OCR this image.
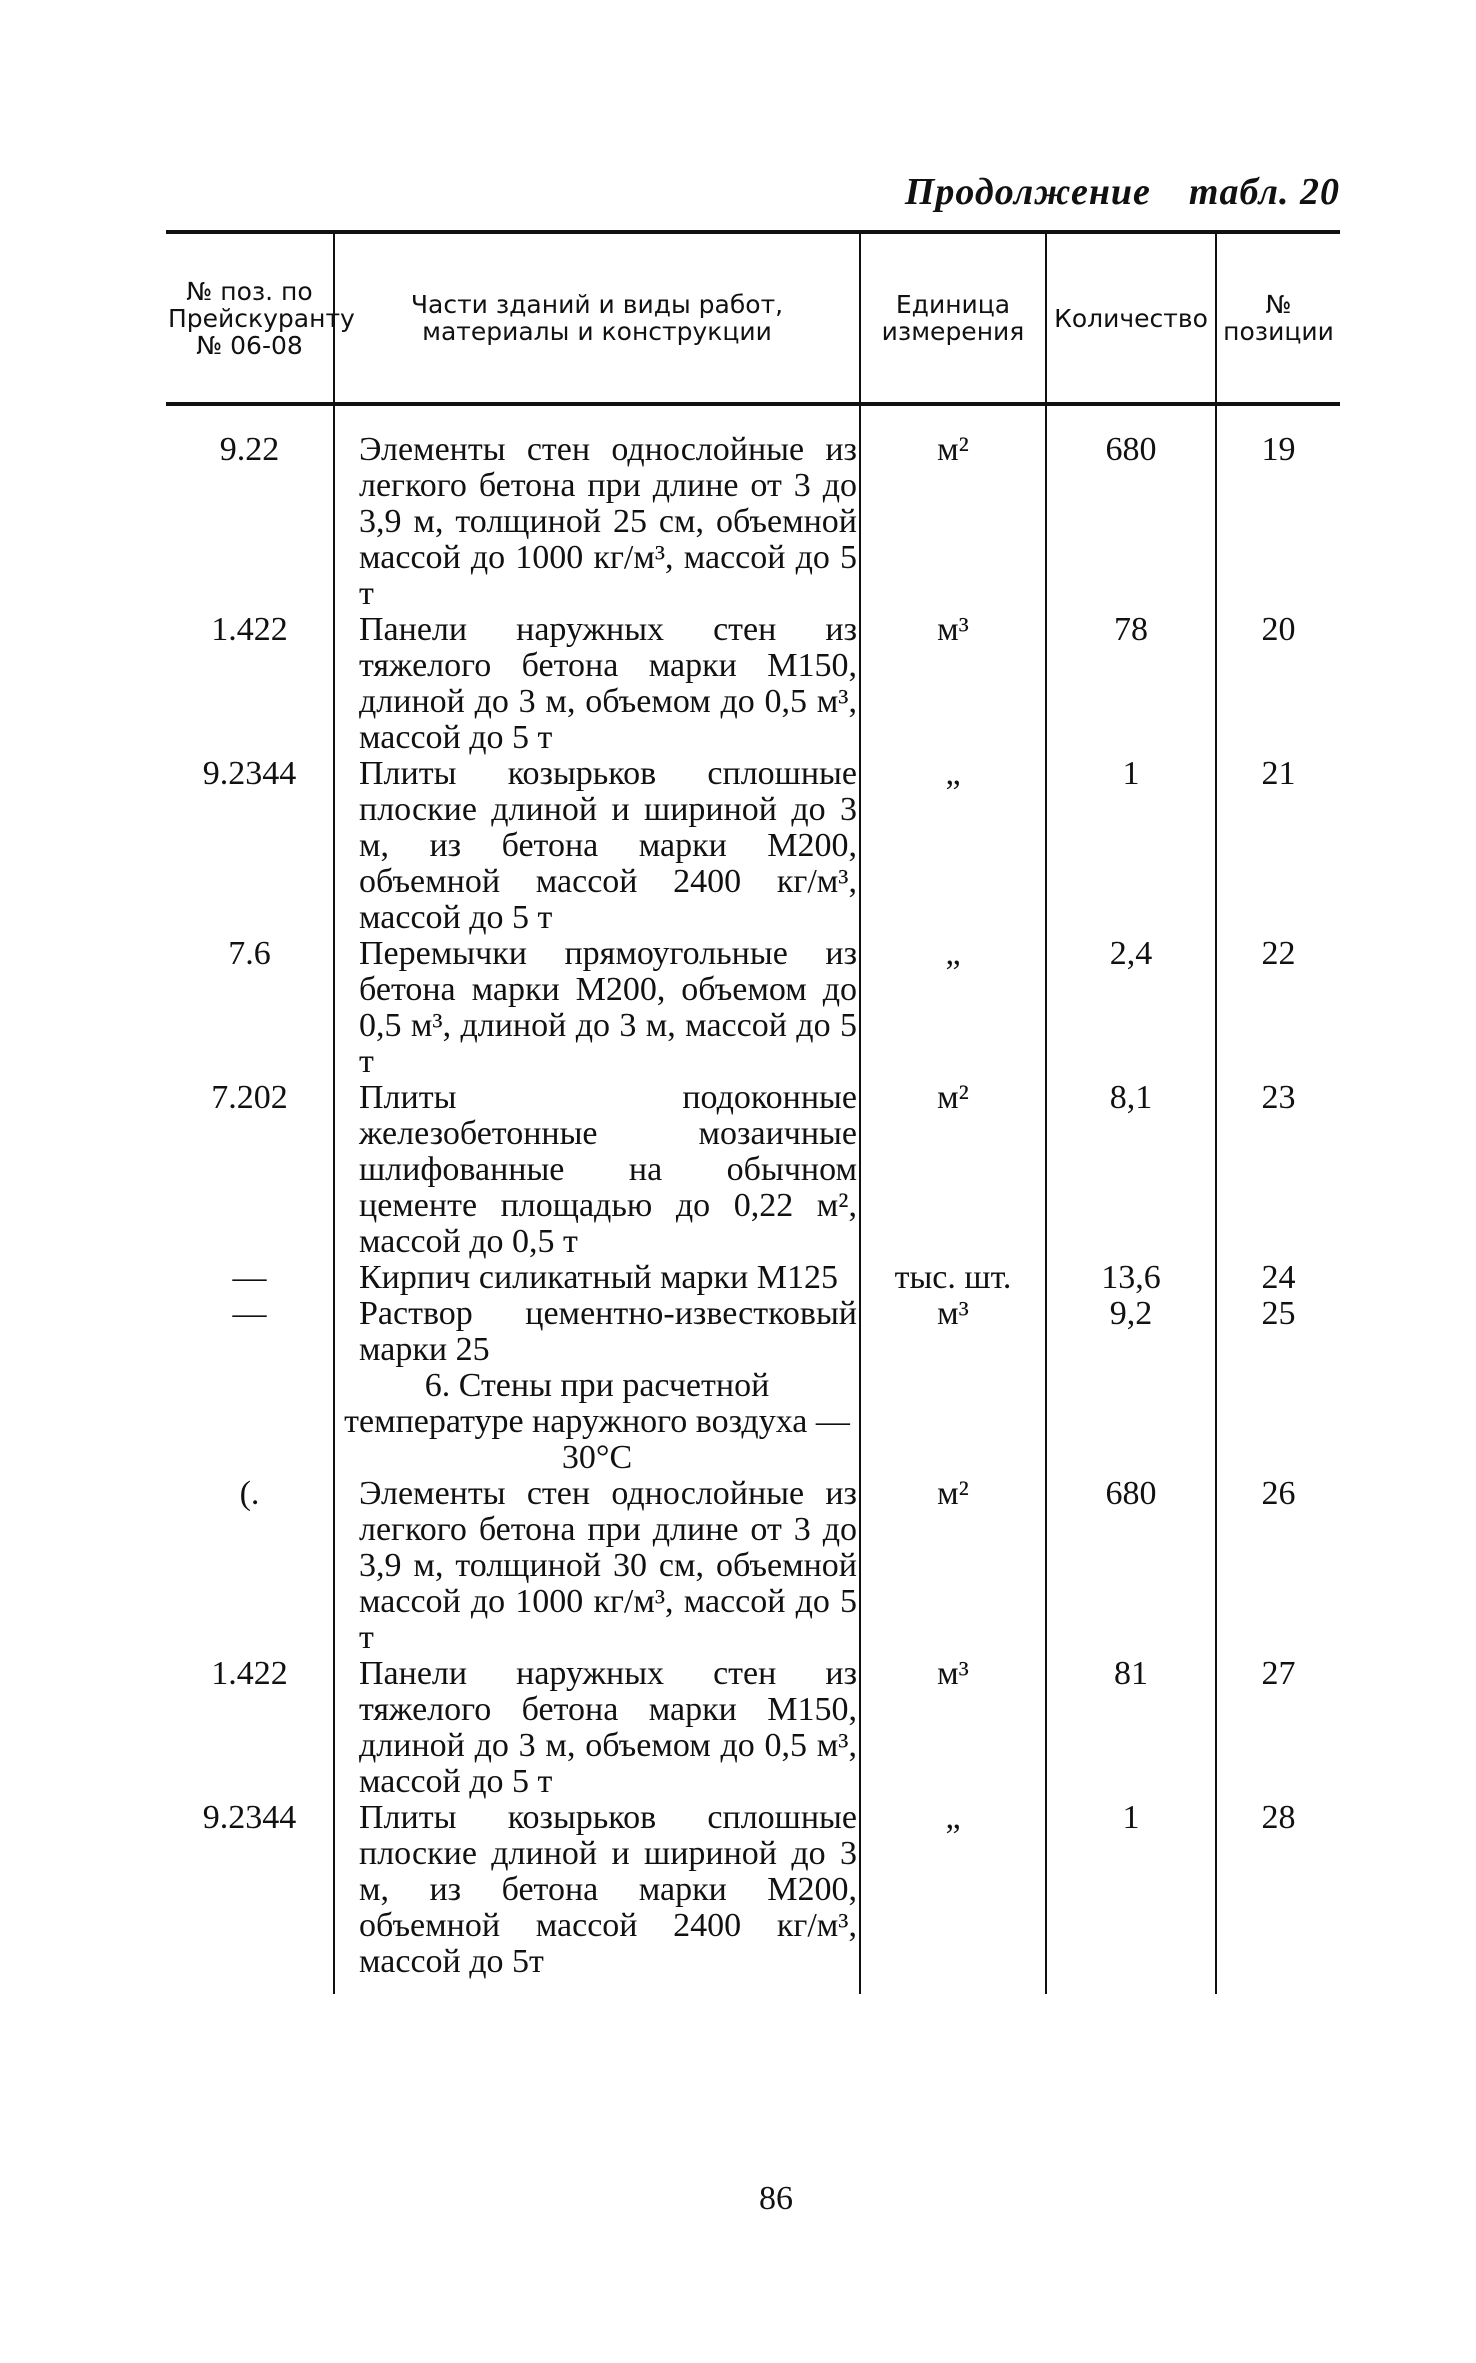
Продолжение табл. 20
№ поз. по Прейскуранту № 06-08	Части зданий и виды работ, материалы и конструкции	Единица измерения	Количество	№ позиции
9.22	Элементы стен однослойные из легкого бетона при длине от 3 до 3,9 м, толщиной 25 см, объемной массой до 1000 кг/м³, массой до 5 т	м²	680	19
1.422	Панели наружных стен из тяжелого бетона марки М150, длиной до 3 м, объемом до 0,5 м³, массой до 5 т	м³	78	20
9.2344	Плиты козырьков сплошные плоские длиной и шириной до 3 м, из бетона марки М200, объемной массой 2400 кг/м³, массой до 5 т	„	1	21
7.6	Перемычки прямоугольные из бетона марки М200, объемом до 0,5 м³, длиной до 3 м, массой до 5 т	„	2,4	22
7.202	Плиты подоконные железобетонные мозаичные шлифованные на обычном цементе площадью до 0,22 м², массой до 0,5 т	м²	8,1	23
—	Кирпич силикатный марки М125	тыс. шт.	13,6	24
—	Раствор цементно-известковый марки 25	м³	9,2	25
	6. Стены при расчетной температуре наружного воздуха —30°С			
(.	Элементы стен однослойные из легкого бетона при длине от 3 до 3,9 м, толщиной 30 см, объемной массой до 1000 кг/м³, массой до 5 т	м²	680	26
1.422	Панели наружных стен из тяжелого бетона марки М150, длиной до 3 м, объемом до 0,5 м³, массой до 5 т	м³	81	27
9.2344	Плиты козырьков сплошные плоские длиной и шириной до 3 м, из бетона марки М200, объемной массой 2400 кг/м³, массой до 5т	„	1	28
86
